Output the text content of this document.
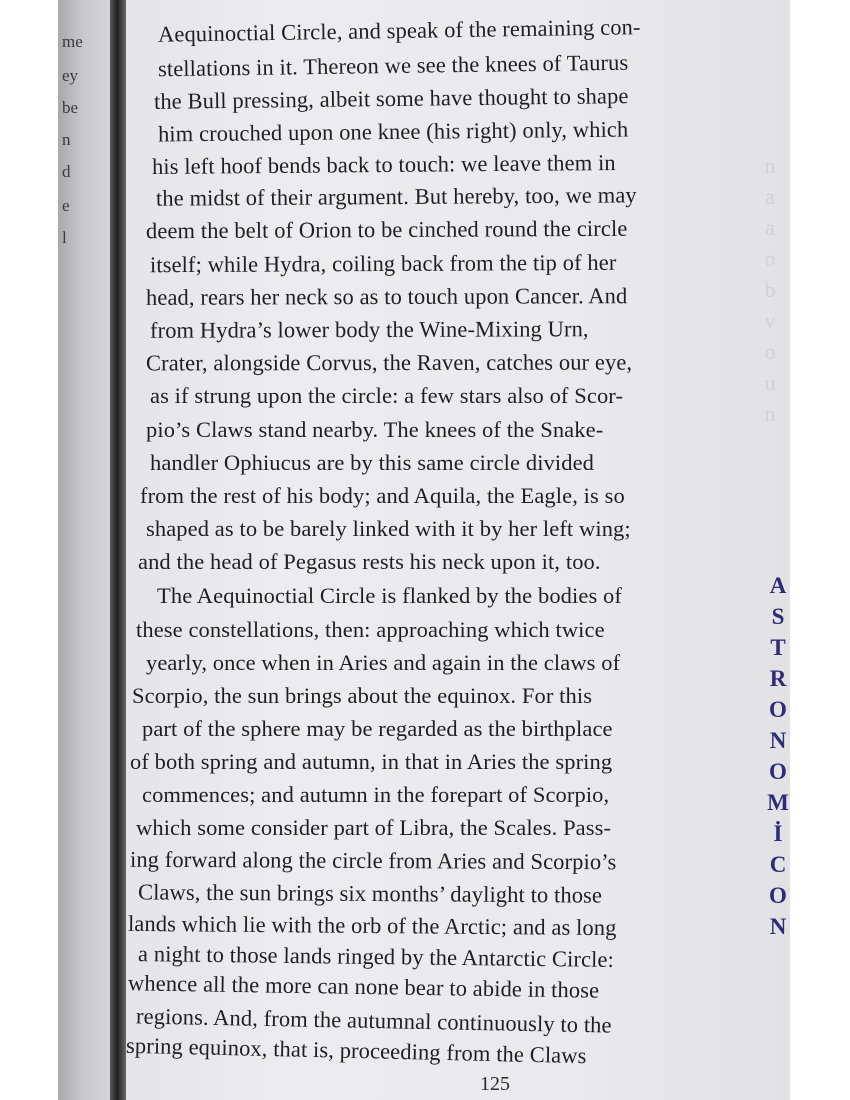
me
ey
be
n
d
e
l
n
a
a
o
b
v
o
u
n
Aequinoctial Circle, and speak of the remaining con-
stellations in it. Thereon we see the knees of Taurus
the Bull pressing, albeit some have thought to shape
him crouched upon one knee (his right) only, which
his left hoof bends back to touch: we leave them in
the midst of their argument. But hereby, too, we may
deem the belt of Orion to be cinched round the circle
itself; while Hydra, coiling back from the tip of her
head, rears her neck so as to touch upon Cancer. And
from Hydra’s lower body the Wine-Mixing Urn,
Crater, alongside Corvus, the Raven, catches our eye,
as if strung upon the circle: a few stars also of Scor-
pio’s Claws stand nearby. The knees of the Snake-
handler Ophiucus are by this same circle divided
from the rest of his body; and Aquila, the Eagle, is so
shaped as to be barely linked with it by her left wing;
and the head of Pegasus rests his neck upon it, too.
The Aequinoctial Circle is flanked by the bodies of
these constellations, then: approaching which twice
yearly, once when in Aries and again in the claws of
Scorpio, the sun brings about the equinox. For this
part of the sphere may be regarded as the birthplace
of both spring and autumn, in that in Aries the spring
commences; and autumn in the forepart of Scorpio,
which some consider part of Libra, the Scales. Pass-
ing forward along the circle from Aries and Scorpio’s
Claws, the sun brings six months’ daylight to those
lands which lie with the orb of the Arctic; and as long
a night to those lands ringed by the Antarctic Circle:
whence all the more can none bear to abide in those
regions. And, from the autumnal continuously to the
spring equinox, that is, proceeding from the Claws
125
A
S
T
R
O
N
O
M
İ
C
O
N
